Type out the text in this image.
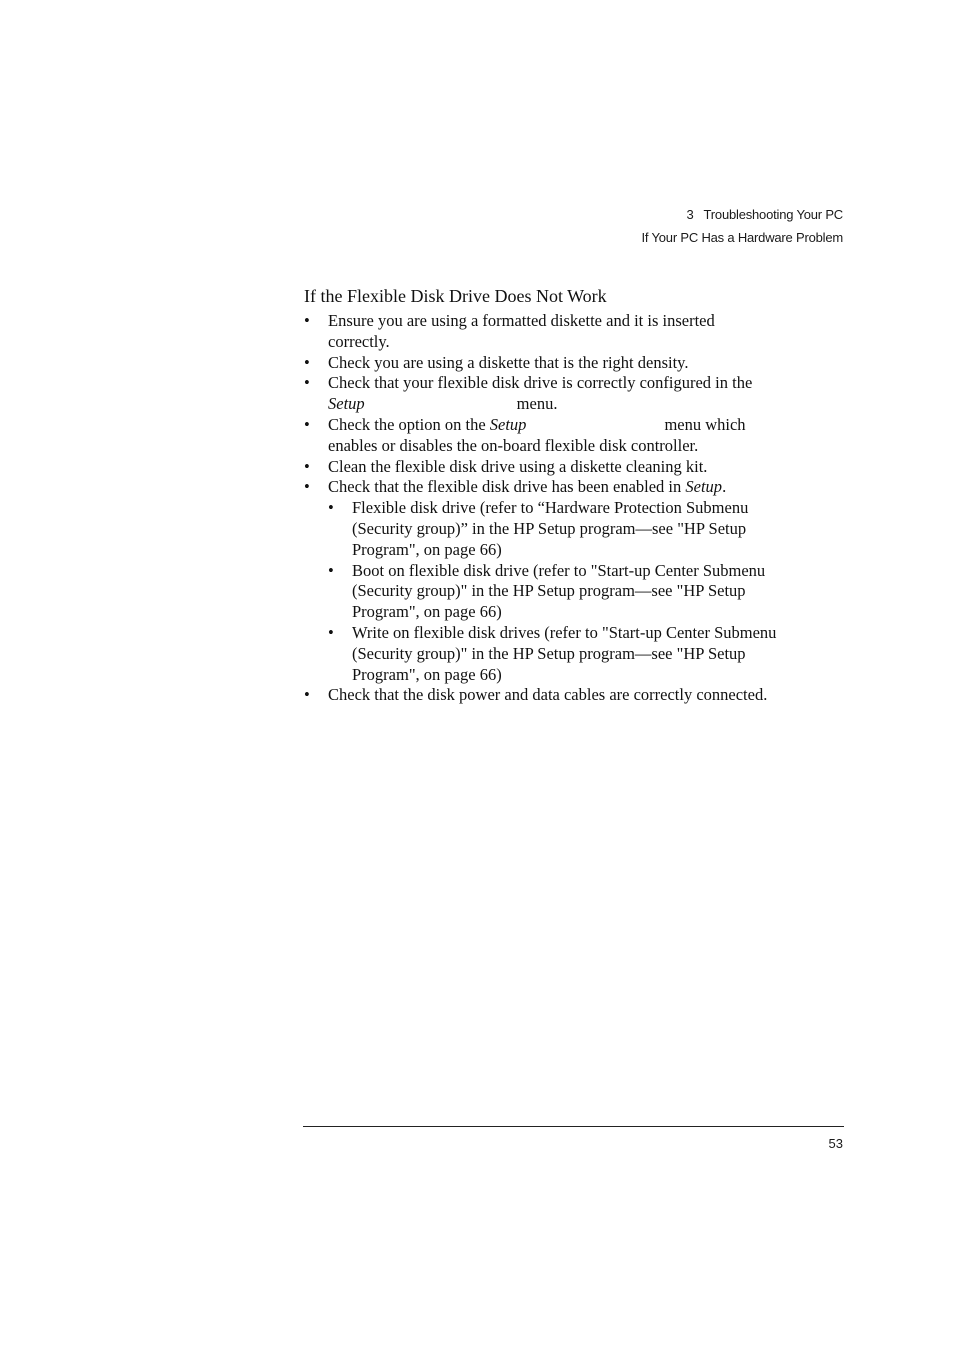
3 Troubleshooting Your PC
If Your PC Has a Hardware Problem
If the Flexible Disk Drive Does Not Work
• Ensure you are using a formatted diskette and it is inserted
correctly.
• Check you are using a diskette that is the right density.
• Check that your flexible disk drive is correctly configured in the
Setup	menu.
• Check the option on the Setup	menu which
enables or disables the on-board flexible disk controller.
• Clean the flexible disk drive using a diskette cleaning kit.
• Check that the flexible disk drive has been enabled in Setup.
• Flexible disk drive (refer to “Hardware Protection Submenu
(Security group)” in the HP Setup program—see "HP Setup
Program", on page 66)
• Boot on flexible disk drive (refer to "Start-up Center Submenu
(Security group)" in the HP Setup program—see "HP Setup
Program", on page 66)
• Write on flexible disk drives (refer to "Start-up Center Submenu
(Security group)" in the HP Setup program—see "HP Setup
Program", on page 66)
• Check that the disk power and data cables are correctly connected.
53
